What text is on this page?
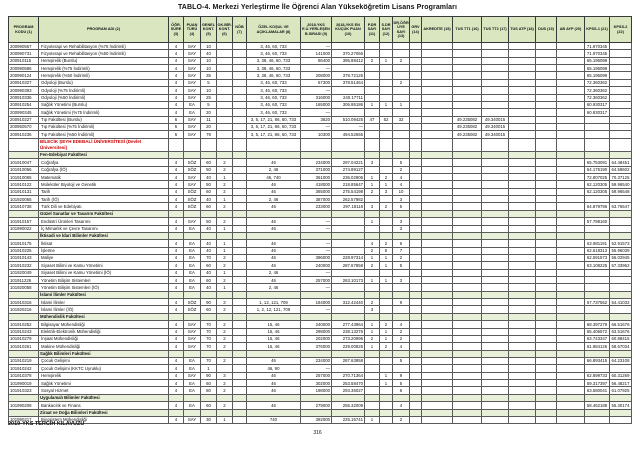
TABLO-4. Merkezi Yerleştirme İle Öğrenci Alan Yükseköğretim Lisans Programları
PROGRAM KODU (1)	PROGRAM ADI (2)	ÖĞR. SÜRE (3)	PUAN TÜRÜ (4)	GENEL KONT. (5)	OK.BİR. KONT. (6)	NÖB (7)	ÖZEL KOŞUL VE AÇIKLAMALAR (8)	2018-YKS E.Ü.YERLEŞEN B.SIRASI (9)	2018-YKS EN KÜÇÜK PUAN (10)	P.DR SAYI (11)	S.DR SAYI (12)	DR.ÖĞR ÜYE SAYI (13)	GRV (14)	AKREDİTE (15)	TUS TT1 (16)	TUS TT2 (17)	TUS ATP (18)	DUS (19)	AB AYP (20)	KPSS-1 (21)	KPSS-2 (22)
200990567	Fizyoterapi ve Rehabilitasyon (%75 İndirimli)	4	SAY	10			3, 46, 60, 733	—												71.970345	
200990731	Fizyoterapi ve Rehabilitasyon (%50 İndirimli)	4	SAY	40			3, 46, 60, 733	141000	370.27066											71.970345	
200910115	Hemşirelik (Burslu)	4	SAY	10			3, 38, 46, 60, 733	86400	395.88412	2	1	2								65.195099	
200990586	Hemşirelik (%75 İndirimli)	4	SAY	10			3, 38, 46, 60, 733	—												65.195099	
200990124	Hemşirelik (%50 İndirimli)	4	SAY	35			3, 38, 46, 60, 733	208000	378.72126											65.195099	
200910327	Odyoloji (Burslu)	4	SAY	5			3, 46, 60, 733	67300	378.51464			2								72.360362	
200990393	Odyoloji (%75 İndirimli)	4	SAY	10			3, 46, 60, 733	—												72.360362	
200910336	Odyoloji (%50 İndirimli)	4	SAY	25			3, 46, 60, 733	316000	240.17711											72.360362	
200910254	Sağlık Yönetimi (Burslu)	4	EA	5			3, 46, 60, 733	165000	306.95186	1	1	1								60.930317	
200990345	Sağlık Yönetimi (%75 İndirimli)	4	EA	20			3, 46, 60, 733	—												60.930317	
200910227	Tıp Fakültesi (Burslu)	6	SAY	11			3, 5, 17, 21, 86, 60, 733	3620	510.09425	47	52	32			49.235082	49.340015					
200950570	Tıp Fakültesi (%75 İndirimli)	6	SAY	20			3, 5, 17, 21, 86, 60, 733	—	—						49.235082	49.340015					
200910236	Tıp Fakültesi (%50 İndirimli)	6	SAY	79			3, 5, 17, 21, 86, 60, 733	10300	494.52655						49.235082	49.340015					
	BİLECİK ŞEYH EDEBALİ ÜNİVERSİTESİ (Devlet Üniversitesi)																				
	Fen-Edebiyat Fakültesi																				
101910047	Coğrafya	4	SÖZ	60	2		46	234000	297.04221	3		5								65.753091	64.48451
101910056	Coğrafya (İÖ)	4	SÖZ	50	2		2, 46	371000	274.89127			2								64.175190	64.59602
101910065	Matematik	4	SAY	40	1		46, 740	361000	236.02906	1	2	4								72.807025	70.37125
101910122	Moleküler Biyoloji ve Genetik	4	SAY	50	2		46	418000	218.85647	1	1	4								62.120305	59.96540
101910131	Tarih	4	SÖZ	60	2		46	365000	275.54198	2	3	10								62.120305	59.96548
101920065	Tarih (İÖ)	4	SÖZ	40	1		2, 46	387000	262.57982			3									
101910738	Türk Dili ve Edebiyatı	4	SÖZ	60	2		46	233000	297.18118	3	2	5								64.879796	63.76547
	Güzel Sanatlar ve Tasarım Fakültesi																				
101910157	Endüstri Ürünleri Tasarımı	4	SAY	50	2		46	—		1		3								57.798160	
101990022	İç Mimarlık ve Çevre Tasarımı	4	EA	40	1		46	—				3									
	İktisadi ve İdari Bilimler Fakültesi																				
101910175	İktisat	4	EA	40	1		46	—		4	2	6								62.981191	52.91573
101910225	İşletme	4	EA	40	1		46	—		2	5	7								62.618313	55.96039
101910143	Maliye	4	EA	70	2		46	396000	228.97314	1	1	2								62.591573	56.02945
101910232	Siyaset Bilimi ve Kamu Yönetimi	4	EA	60	2		46	240000	287.67858	2	1	5								63.108225	57.33962
101920049	Siyaset Bilimi ve Kamu Yönetimi (İÖ)	4	EA	40	1		2, 46	—													
101911226	Yönetim Bilişim Sistemleri	4	EA	60	2		46	257000	263.10173	1	1	3									
101920058	Yönetim Bilişim Sistemleri (İÖ)	4	EA	40	1		2, 46	—													
	İslami İlimler Fakültesi																				
101910316	İslami İlimler	4	SÖZ	90	3		1, 12, 121, 709	184000	312.42440	2		9								57.737552	54.41032
101920216	İslami İlimler (İÖ)	4	SÖZ	60	2		1, 2, 12, 121, 709	—		3											
	Mühendislik Fakültesi																				
101910252	Bilgisayar Mühendisliği	4	SAY	70	2		15, 46	240000	277.43964	1	2	4								68.397279	66.51676
101910243	Elektrik-Elektronik Mühendisliği	4	SAY	70	2		15, 46	298000	238.13276	1	1	2								65.406572	63.51676
101910279	İnşaat Mühendisliği	4	SAY	70	2		15, 46	202000	273.20996	2	1	2								63.743347	60.88415
101910261	Makine Mühendisliği	4	SAY	70	2		15, 46	376000	229.00826	1	2	4								61.984126	58.67034
	Sağlık Bilimleri Fakültesi																				
101910219	Çocuk Gelişimi	4	EA	70	2		46	234000	287.63958			5								66.893415	64.23108
101910242	Çocuk Gelişimi (KKTC Uyruklu)	4	EA	1			46, 90	—													
101910378	Hemşirelik	4	SAY	90	3		46	257000	270.71364		1	9								62.899733	60.31269
101990019	Sağlık Yönetimi	4	EA	60	2		46	302000	253.58470		1	5								59.317397	56.48217
101910323	Sosyal Hizmet	4	EA	80	2		46	198000	293.36027			6								63.580041	61.07925
	Uygulamalı Bilimler Fakültesi																				
101990208	Bankacılık ve Finans	4	EA	60	2		46	279000	255.32009			4								58.462188	55.30174
	Ziraat ve Doğa Bilimleri Fakültesi																				
101990217	Biyosistem Mühendisliği	4	SAY	30	1		740	392000	225.15741	1		2									
2019-YKS TERCİH KILAVUZU
316
